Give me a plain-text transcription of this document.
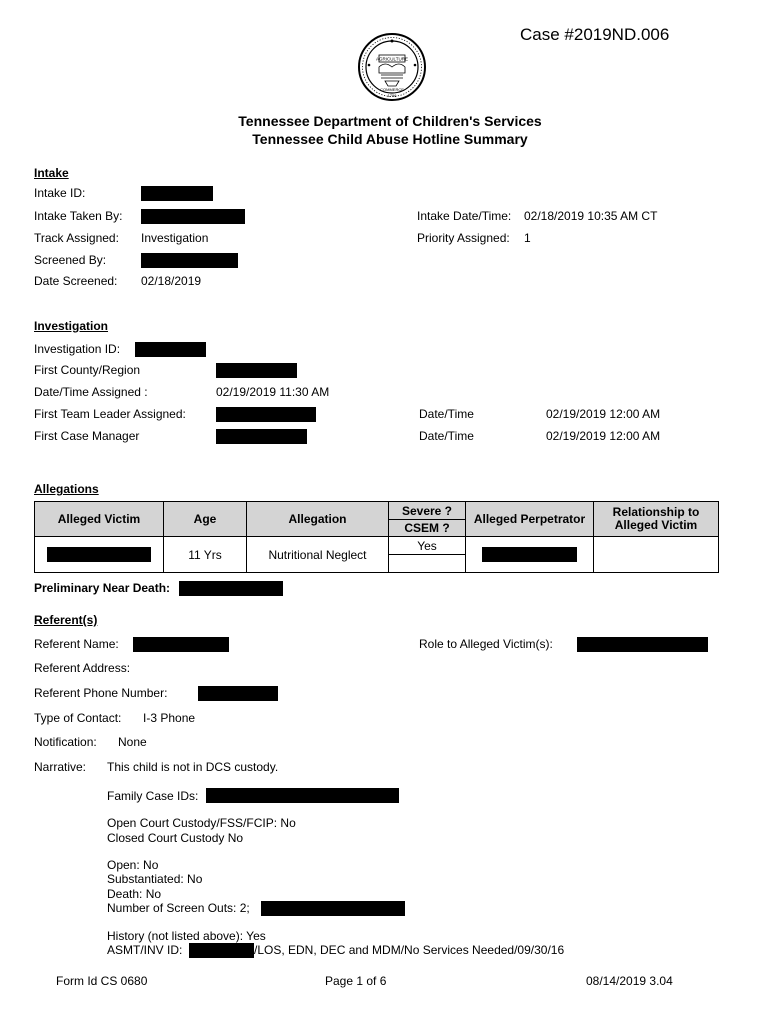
Case #2019ND.006
AGRICULTURE
COMMERCE
1796
Tennessee Department of Children's Services
Tennessee Child Abuse Hotline Summary
Intake
Intake ID:
Intake Taken By:	Intake Date/Time: 02/18/2019 10:35 AM CT
Track Assigned: Investigation	Priority Assigned: 1
Screened By:
Date Screened: 02/18/2019
Investigation
Investigation ID:
First County/Region
Date/Time Assigned :	02/19/2019 11:30 AM
First Team Leader Assigned:	Date/Time	02/19/2019 12:00 AM
First Case Manager	Date/Time	02/19/2019 12:00 AM
Allegations
Alleged Victim	Age	Allegation	Severe ?	Alleged Perpetrator	Relationship to Alleged Victim
			CSEM ?		
	11 Yrs	Nutritional Neglect	Yes		

Preliminary Near Death:
Referent(s)
Referent Name:	Role to Alleged Victim(s):
Referent Address:
Referent Phone Number:
Type of Contact: I-3 Phone
Notification: None
Narrative: This child is not in DCS custody.
Family Case IDs:
Open Court Custody/FSS/FCIP: No
Closed Court Custody No
Open: No
Substantiated: No
Death: No
Number of Screen Outs: 2;
History (not listed above): Yes
ASMT/INV ID:	/LOS, EDN, DEC and MDM/No Services Needed/09/30/16
Form Id CS 0680	Page 1 of 6	08/14/2019 3.04
